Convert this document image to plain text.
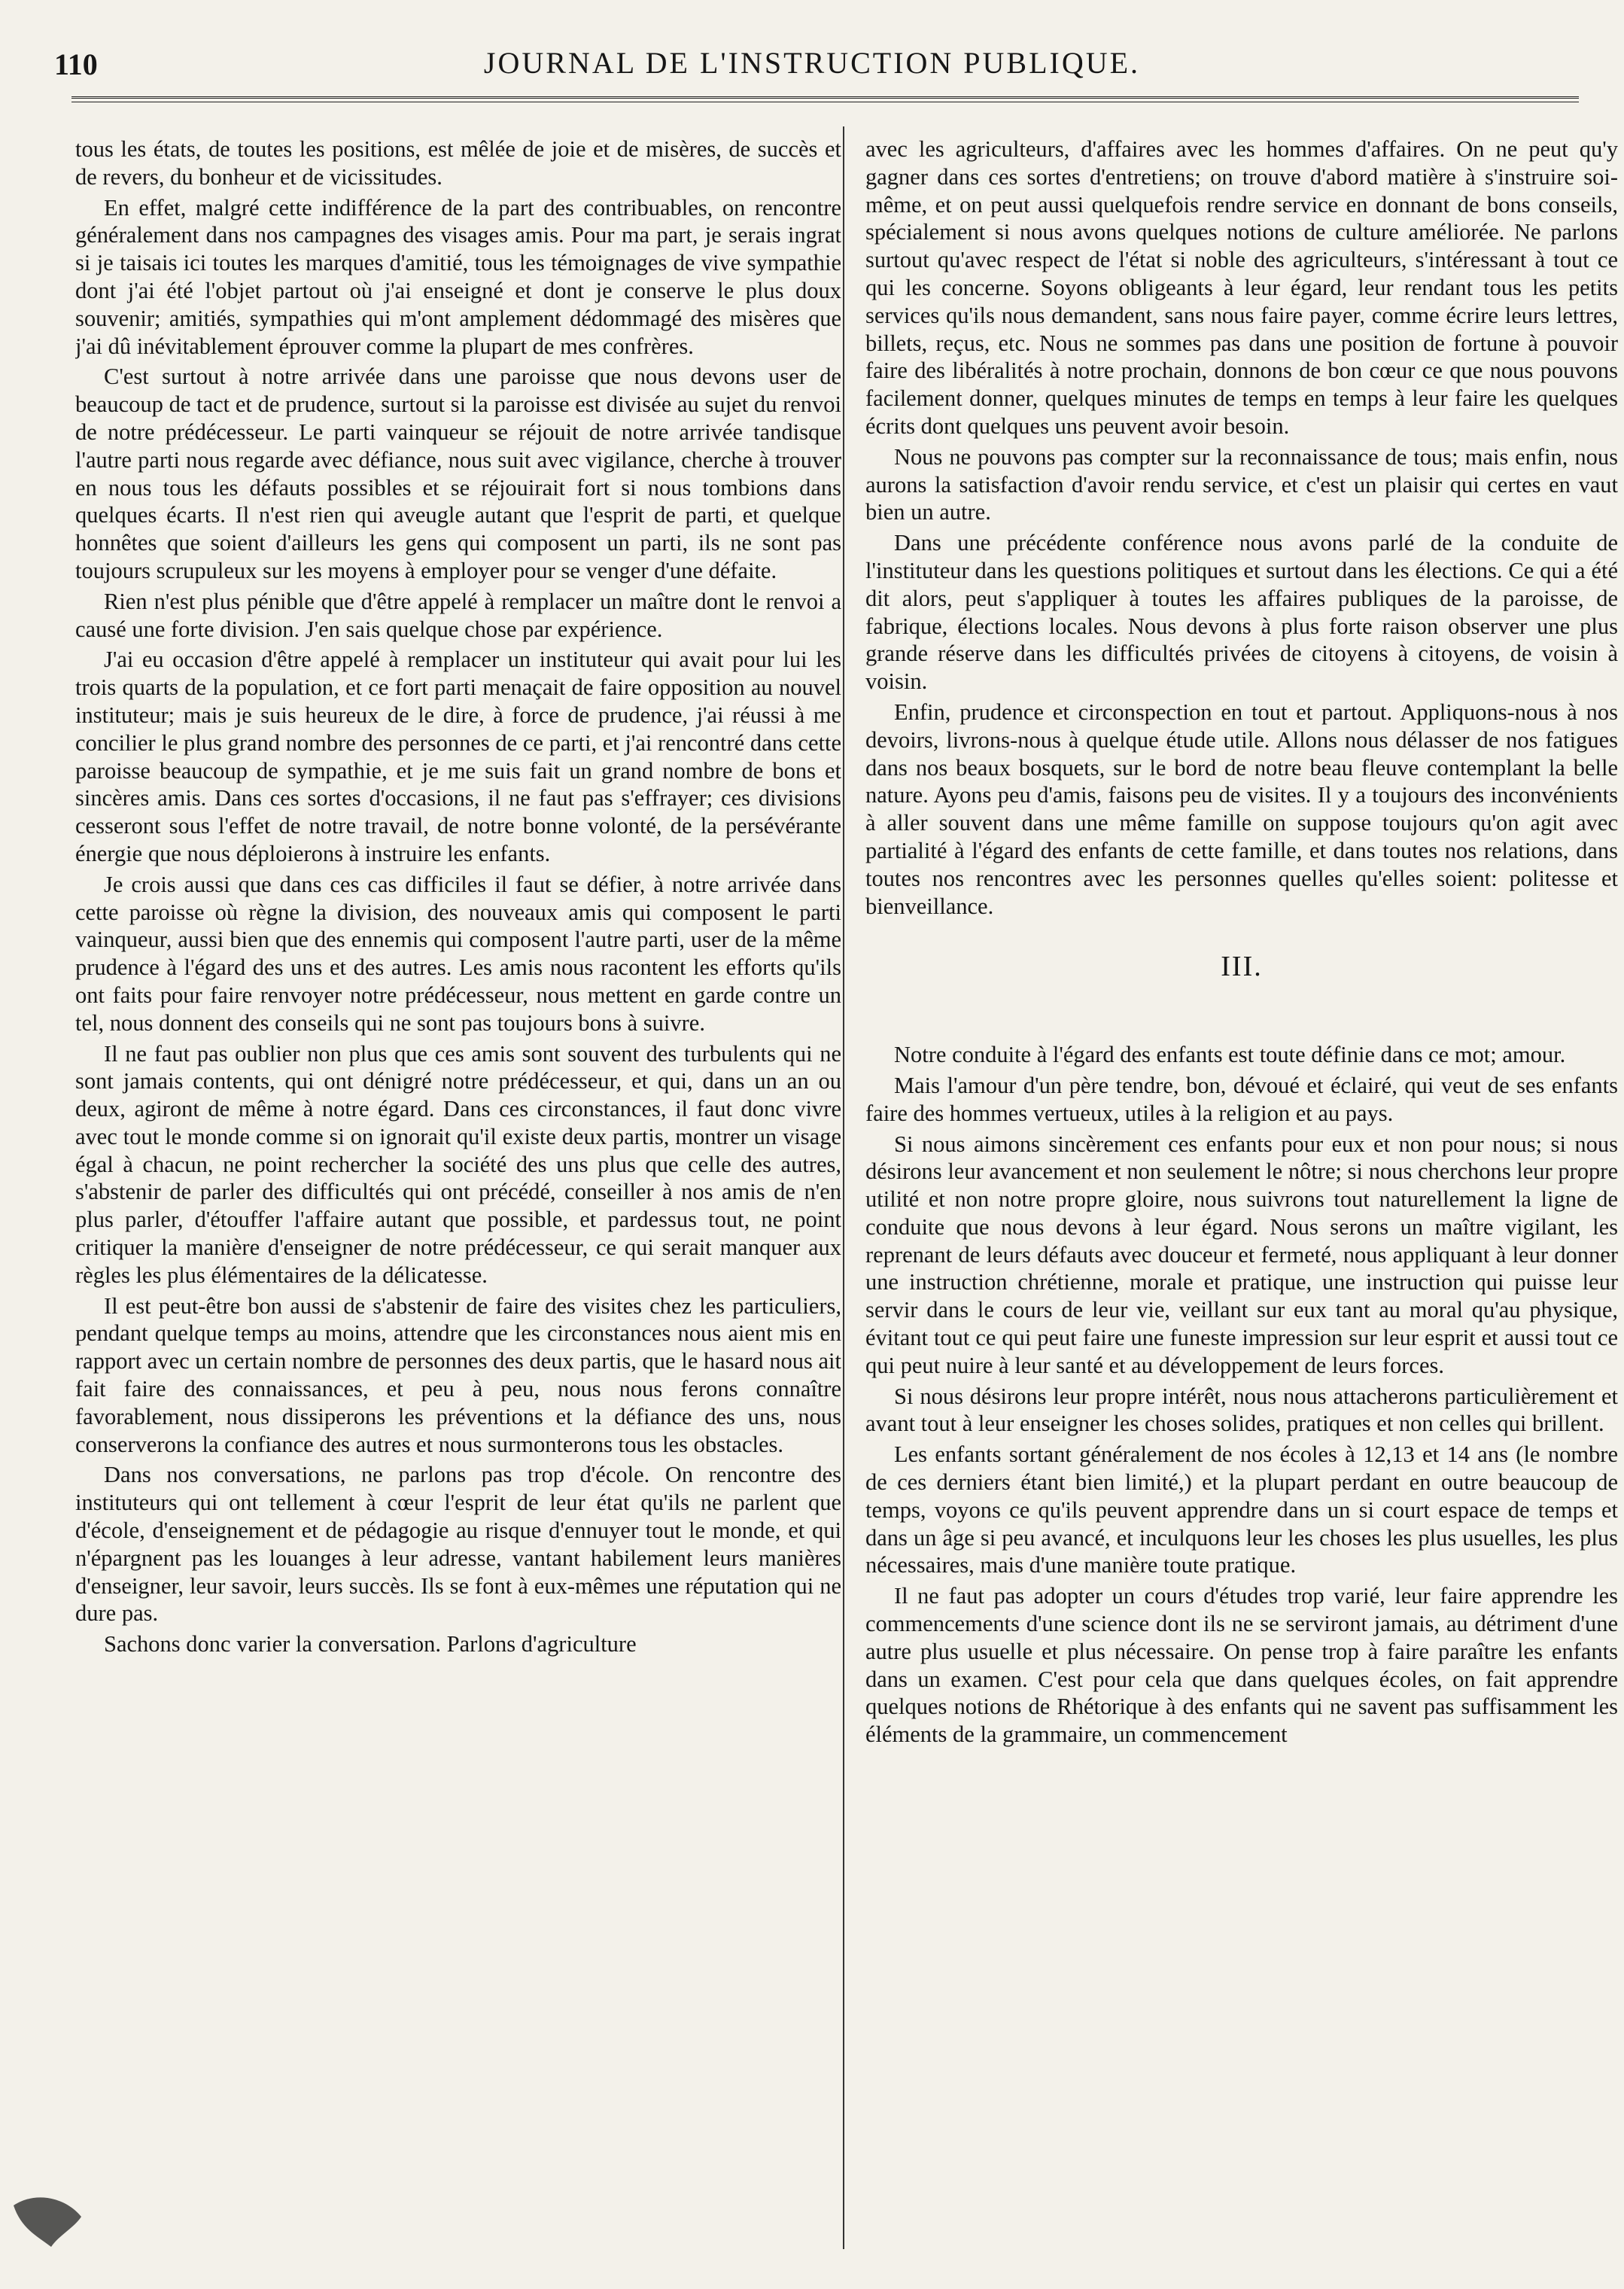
110	JOURNAL DE L'INSTRUCTION PUBLIQUE.

tous les états, de toutes les positions, est mêlée de joie et de misères, de succès et de revers, du bonheur et de vicissitudes.

En effet, malgré cette indifférence de la part des contribuables, on rencontre généralement dans nos campagnes des visages amis. Pour ma part, je serais ingrat si je taisais ici toutes les marques d'amitié, tous les témoignages de vive sympathie dont j'ai été l'objet partout où j'ai enseigné et dont je conserve le plus doux souvenir; amitiés, sympathies qui m'ont amplement dédommagé des misères que j'ai dû inévitablement éprouver comme la plupart de mes confrères.

C'est surtout à notre arrivée dans une paroisse que nous devons user de beaucoup de tact et de prudence, surtout si la paroisse est divisée au sujet du renvoi de notre prédécesseur. Le parti vainqueur se réjouit de notre arrivée tandisque l'autre parti nous regarde avec défiance, nous suit avec vigilance, cherche à trouver en nous tous les défauts possibles et se réjouirait fort si nous tombions dans quelques écarts. Il n'est rien qui aveugle autant que l'esprit de parti, et quelque honnêtes que soient d'ailleurs les gens qui composent un parti, ils ne sont pas toujours scrupuleux sur les moyens à employer pour se venger d'une défaite.

Rien n'est plus pénible que d'être appelé à remplacer un maître dont le renvoi a causé une forte division. J'en sais quelque chose par expérience.

J'ai eu occasion d'être appelé à remplacer un instituteur qui avait pour lui les trois quarts de la population, et ce fort parti menaçait de faire opposition au nouvel instituteur; mais je suis heureux de le dire, à force de prudence, j'ai réussi à me concilier le plus grand nombre des personnes de ce parti, et j'ai rencontré dans cette paroisse beaucoup de sympathie, et je me suis fait un grand nombre de bons et sincères amis. Dans ces sortes d'occasions, il ne faut pas s'effrayer; ces divisions cesseront sous l'effet de notre travail, de notre bonne volonté, de la persévérante énergie que nous déploierons à instruire les enfants.

Je crois aussi que dans ces cas difficiles il faut se défier, à notre arrivée dans cette paroisse où règne la division, des nouveaux amis qui composent le parti vainqueur, aussi bien que des ennemis qui composent l'autre parti, user de la même prudence à l'égard des uns et des autres. Les amis nous racontent les efforts qu'ils ont faits pour faire renvoyer notre prédécesseur, nous mettent en garde contre un tel, nous donnent des conseils qui ne sont pas toujours bons à suivre.

Il ne faut pas oublier non plus que ces amis sont souvent des turbulents qui ne sont jamais contents, qui ont dénigré notre prédécesseur, et qui, dans un an ou deux, agiront de même à notre égard. Dans ces circonstances, il faut donc vivre avec tout le monde comme si on ignorait qu'il existe deux partis, montrer un visage égal à chacun, ne point rechercher la société des uns plus que celle des autres, s'abstenir de parler des difficultés qui ont précédé, conseiller à nos amis de n'en plus parler, d'étouffer l'affaire autant que possible, et pardessus tout, ne point critiquer la manière d'enseigner de notre prédécesseur, ce qui serait manquer aux règles les plus élémentaires de la délicatesse.

Il est peut-être bon aussi de s'abstenir de faire des visites chez les particuliers, pendant quelque temps au moins, attendre que les circonstances nous aient mis en rapport avec un certain nombre de personnes des deux partis, que le hasard nous ait fait faire des connaissances, et peu à peu, nous nous ferons connaître favorablement, nous dissiperons les préventions et la défiance des uns, nous conserverons la confiance des autres et nous surmonterons tous les obstacles.

Dans nos conversations, ne parlons pas trop d'école. On rencontre des instituteurs qui ont tellement à cœur l'esprit de leur état qu'ils ne parlent que d'école, d'enseignement et de pédagogie au risque d'ennuyer tout le monde, et qui n'épargnent pas les louanges à leur adresse, vantant habilement leurs manières d'enseigner, leur savoir, leurs succès. Ils se font à eux-mêmes une réputation qui ne dure pas.

Sachons donc varier la conversation. Parlons d'agriculture

avec les agriculteurs, d'affaires avec les hommes d'affaires. On ne peut qu'y gagner dans ces sortes d'entretiens; on trouve d'abord matière à s'instruire soi-même, et on peut aussi quelquefois rendre service en donnant de bons conseils, spécialement si nous avons quelques notions de culture améliorée. Ne parlons surtout qu'avec respect de l'état si noble des agriculteurs, s'intéressant à tout ce qui les concerne. Soyons obligeants à leur égard, leur rendant tous les petits services qu'ils nous demandent, sans nous faire payer, comme écrire leurs lettres, billets, reçus, etc. Nous ne sommes pas dans une position de fortune à pouvoir faire des libéralités à notre prochain, donnons de bon cœur ce que nous pouvons facilement donner, quelques minutes de temps en temps à leur faire les quelques écrits dont quelques uns peuvent avoir besoin.

Nous ne pouvons pas compter sur la reconnaissance de tous; mais enfin, nous aurons la satisfaction d'avoir rendu service, et c'est un plaisir qui certes en vaut bien un autre.

Dans une précédente conférence nous avons parlé de la conduite de l'instituteur dans les questions politiques et surtout dans les élections. Ce qui a été dit alors, peut s'appliquer à toutes les affaires publiques de la paroisse, de fabrique, élections locales. Nous devons à plus forte raison observer une plus grande réserve dans les difficultés privées de citoyens à citoyens, de voisin à voisin.

Enfin, prudence et circonspection en tout et partout. Appliquons-nous à nos devoirs, livrons-nous à quelque étude utile. Allons nous délasser de nos fatigues dans nos beaux bosquets, sur le bord de notre beau fleuve contemplant la belle nature. Ayons peu d'amis, faisons peu de visites. Il y a toujours des inconvénients à aller souvent dans une même famille on suppose toujours qu'on agit avec partialité à l'égard des enfants de cette famille, et dans toutes nos relations, dans toutes nos rencontres avec les personnes quelles qu'elles soient: politesse et bienveillance.

III.

Notre conduite à l'égard des enfants est toute définie dans ce mot; amour.

Mais l'amour d'un père tendre, bon, dévoué et éclairé, qui veut de ses enfants faire des hommes vertueux, utiles à la religion et au pays.

Si nous aimons sincèrement ces enfants pour eux et non pour nous; si nous désirons leur avancement et non seulement le nôtre; si nous cherchons leur propre utilité et non notre propre gloire, nous suivrons tout naturellement la ligne de conduite que nous devons à leur égard. Nous serons un maître vigilant, les reprenant de leurs défauts avec douceur et fermeté, nous appliquant à leur donner une instruction chrétienne, morale et pratique, une instruction qui puisse leur servir dans le cours de leur vie, veillant sur eux tant au moral qu'au physique, évitant tout ce qui peut faire une funeste impression sur leur esprit et aussi tout ce qui peut nuire à leur santé et au développement de leurs forces.

Si nous désirons leur propre intérêt, nous nous attacherons particulièrement et avant tout à leur enseigner les choses solides, pratiques et non celles qui brillent.

Les enfants sortant généralement de nos écoles à 12,13 et 14 ans (le nombre de ces derniers étant bien limité,) et la plupart perdant en outre beaucoup de temps, voyons ce qu'ils peuvent apprendre dans un si court espace de temps et dans un âge si peu avancé, et inculquons leur les choses les plus usuelles, les plus nécessaires, mais d'une manière toute pratique.

Il ne faut pas adopter un cours d'études trop varié, leur faire apprendre les commencements d'une science dont ils ne se serviront jamais, au détriment d'une autre plus usuelle et plus nécessaire. On pense trop à faire paraître les enfants dans un examen. C'est pour cela que dans quelques écoles, on fait apprendre quelques notions de Rhétorique à des enfants qui ne savent pas suffisamment les éléments de la grammaire, un commencement
